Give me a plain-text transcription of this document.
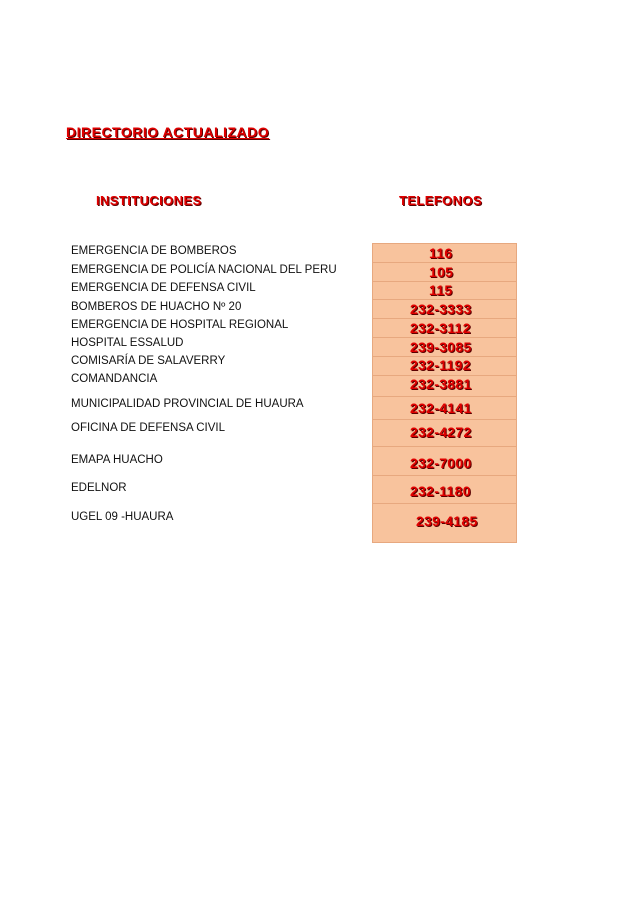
DIRECTORIO ACTUALIZADO
INSTITUCIONES	TELEFONOS
EMERGENCIA DE BOMBEROS
EMERGENCIA DE POLICÍA NACIONAL DEL PERU
EMERGENCIA DE DEFENSA CIVIL
BOMBEROS DE HUACHO Nº 20
EMERGENCIA DE HOSPITAL REGIONAL
HOSPITAL ESSALUD
COMISARÍA DE SALAVERRY
COMANDANCIA
MUNICIPALIDAD PROVINCIAL DE HUAURA
OFICINA DE DEFENSA CIVIL
EMAPA HUACHO
EDELNOR
UGEL 09 -HUAURA
116
105
115
232-3333
232-3112
239-3085
232-1192
232-3881
232-4141
232-4272
232-7000
232-1180
239-4185
